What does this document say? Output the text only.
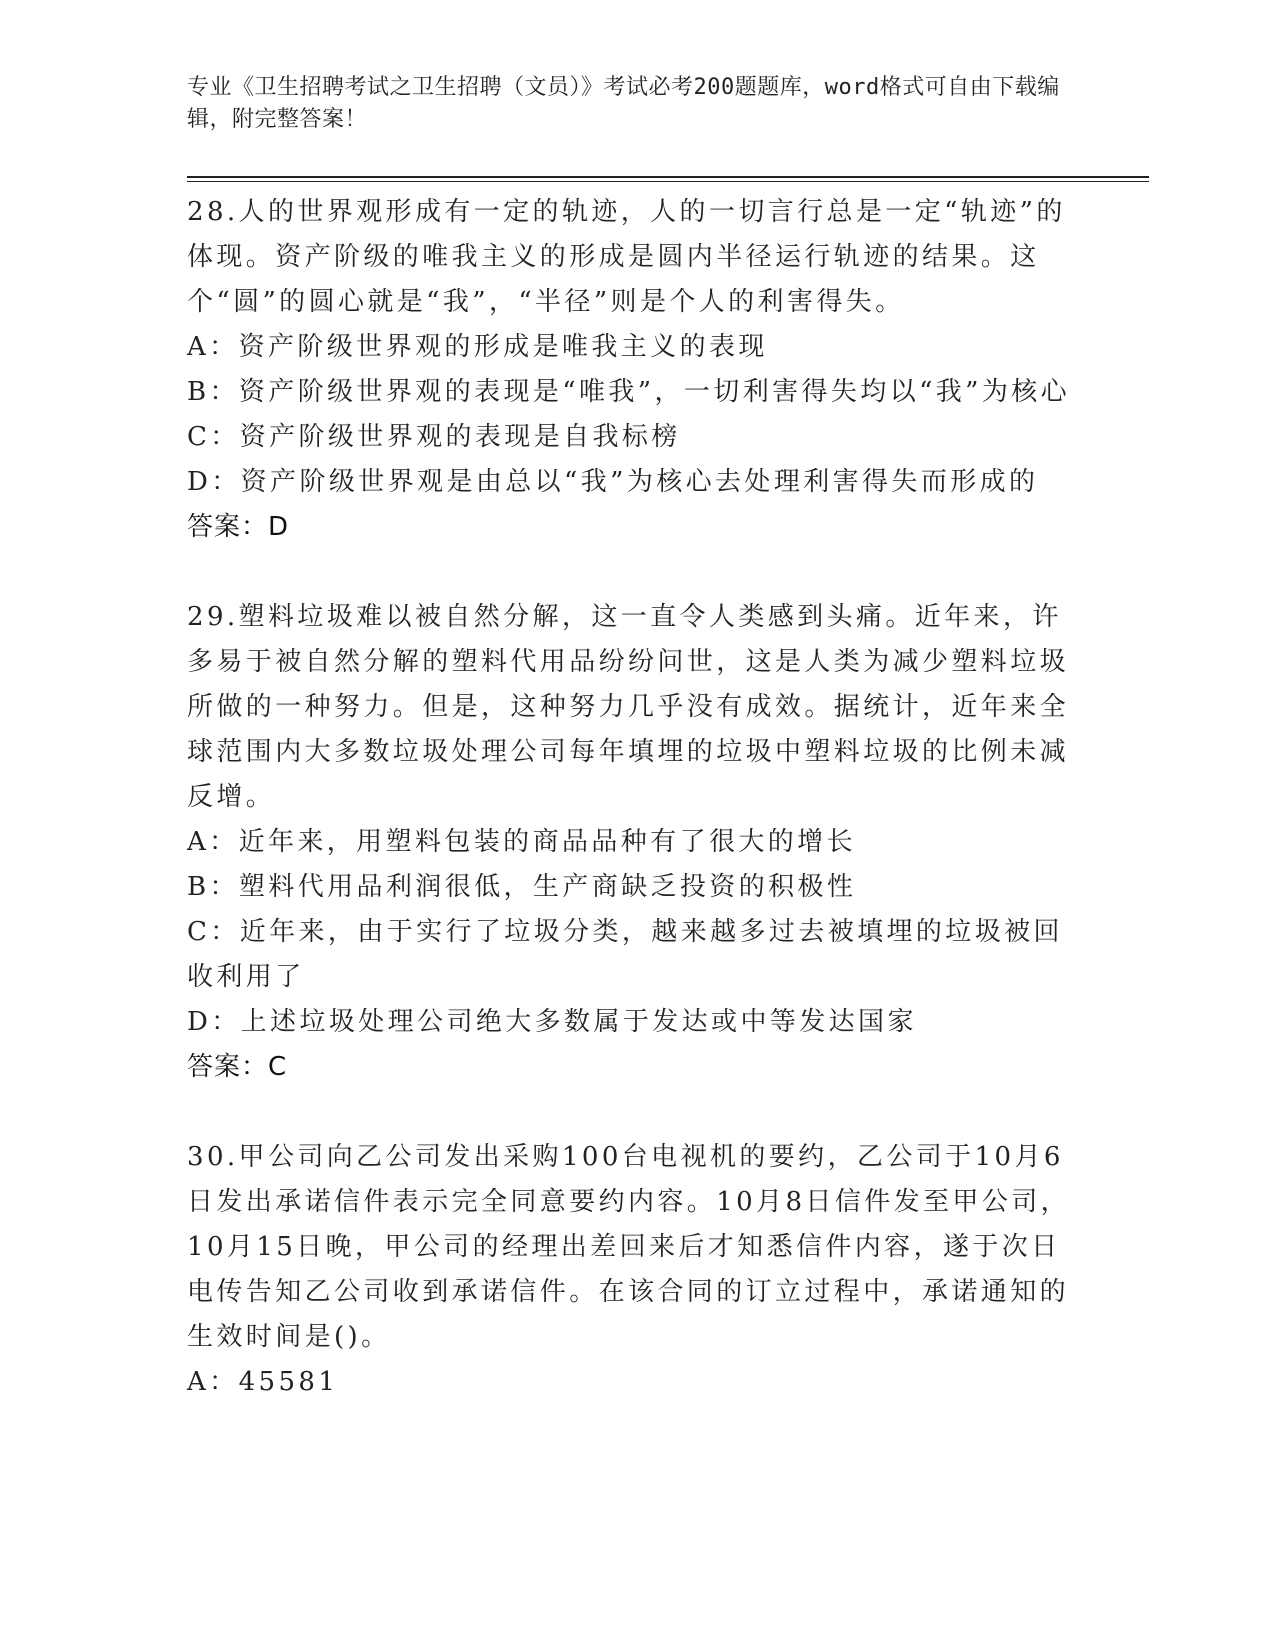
专业《卫生招聘考试之卫生招聘（文员）》考试必考200题题库，word格式可自由下载编辑，附完整答案！

28.人的世界观形成有一定的轨迹，人的一切言行总是一定“轨迹”的体现。资产阶级的唯我主义的形成是圆内半径运行轨迹的结果。这个“圆”的圆心就是“我”，“半径”则是个人的利害得失。

A：资产阶级世界观的形成是唯我主义的表现

B：资产阶级世界观的表现是“唯我”，一切利害得失均以“我”为核心

C：资产阶级世界观的表现是自我标榜

D：资产阶级世界观是由总以“我”为核心去处理利害得失而形成的

答案：D

29.塑料垃圾难以被自然分解，这一直令人类感到头痛。近年来，许多易于被自然分解的塑料代用品纷纷问世，这是人类为减少塑料垃圾所做的一种努力。但是，这种努力几乎没有成效。据统计，近年来全球范围内大多数垃圾处理公司每年填埋的垃圾中塑料垃圾的比例未减反增。

A：近年来，用塑料包装的商品品种有了很大的增长

B：塑料代用品利润很低，生产商缺乏投资的积极性

C：近年来，由于实行了垃圾分类，越来越多过去被填埋的垃圾被回收利用了

D：上述垃圾处理公司绝大多数属于发达或中等发达国家

答案：C

30.甲公司向乙公司发出采购100台电视机的要约，乙公司于10月6日发出承诺信件表示完全同意要约内容。10月8日信件发至甲公司，10月15日晚，甲公司的经理出差回来后才知悉信件内容，遂于次日电传告知乙公司收到承诺信件。在该合同的订立过程中，承诺通知的生效时间是()。

A：45581
